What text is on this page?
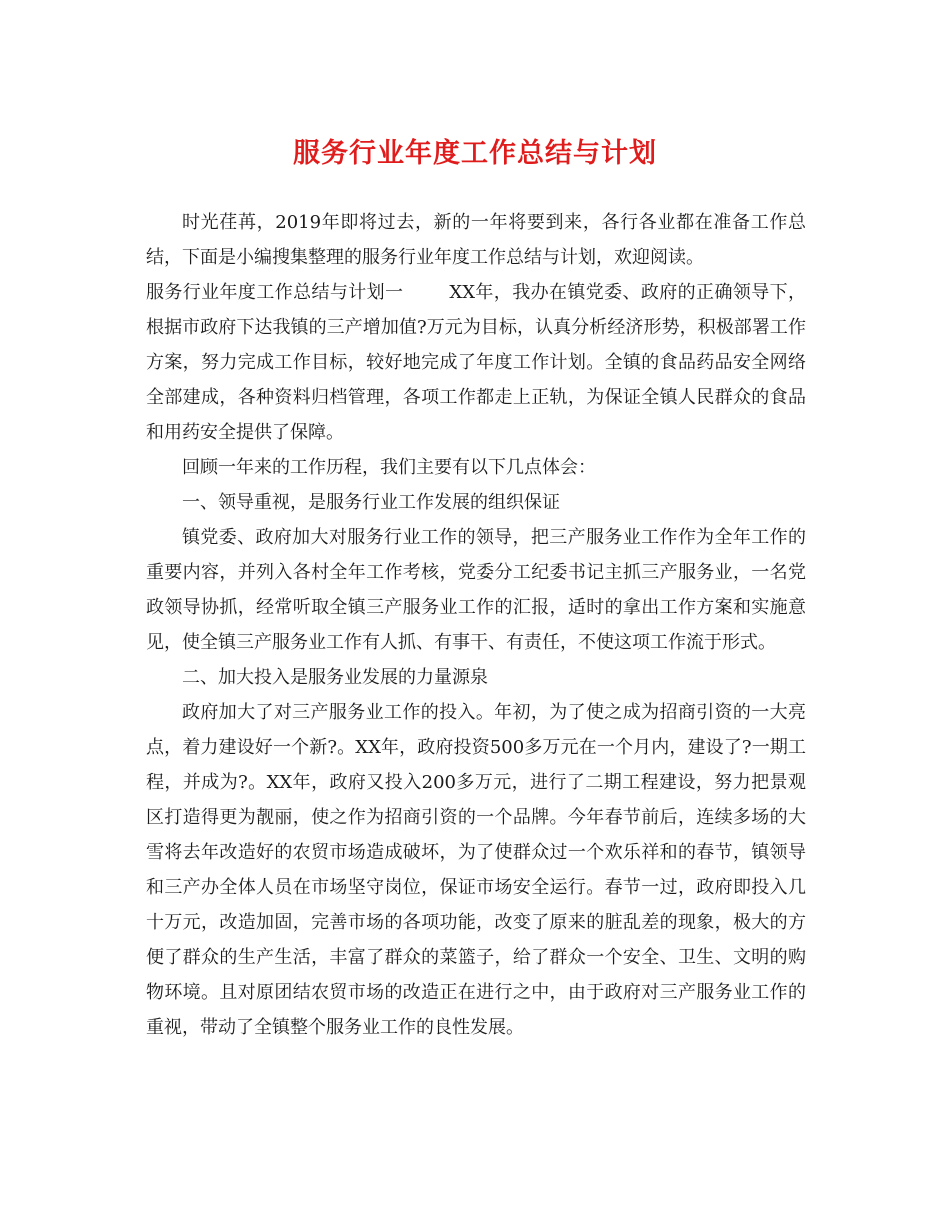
服务行业年度工作总结与计划

时光荏苒，2019年即将过去，新的一年将要到来，各行各业都在准备工作总结，下面是小编搜集整理的服务行业年度工作总结与计划，欢迎阅读。

服务行业年度工作总结与计划一	XX年，我办在镇党委、政府的正确领导下，根据市政府下达我镇的三产增加值?万元为目标，认真分析经济形势，积极部署工作方案，努力完成工作目标，较好地完成了年度工作计划。全镇的食品药品安全网络全部建成，各种资料归档管理，各项工作都走上正轨，为保证全镇人民群众的食品和用药安全提供了保障。

回顾一年来的工作历程，我们主要有以下几点体会：

一、领导重视，是服务行业工作发展的组织保证

镇党委、政府加大对服务行业工作的领导，把三产服务业工作作为全年工作的重要内容，并列入各村全年工作考核，党委分工纪委书记主抓三产服务业，一名党政领导协抓，经常听取全镇三产服务业工作的汇报，适时的拿出工作方案和实施意见，使全镇三产服务业工作有人抓、有事干、有责任，不使这项工作流于形式。

二、加大投入是服务业发展的力量源泉

政府加大了对三产服务业工作的投入。年初，为了使之成为招商引资的一大亮点，着力建设好一个新?。XX年，政府投资500多万元在一个月内，建设了?一期工程，并成为?。XX年，政府又投入200多万元，进行了二期工程建设，努力把景观区打造得更为靓丽，使之作为招商引资的一个品牌。今年春节前后，连续多场的大雪将去年改造好的农贸市场造成破坏，为了使群众过一个欢乐祥和的春节，镇领导和三产办全体人员在市场坚守岗位，保证市场安全运行。春节一过，政府即投入几十万元，改造加固，完善市场的各项功能，改变了原来的脏乱差的现象，极大的方便了群众的生产生活，丰富了群众的菜篮子，给了群众一个安全、卫生、文明的购物环境。且对原团结农贸市场的改造正在进行之中，由于政府对三产服务业工作的重视，带动了全镇整个服务业工作的良性发展。
